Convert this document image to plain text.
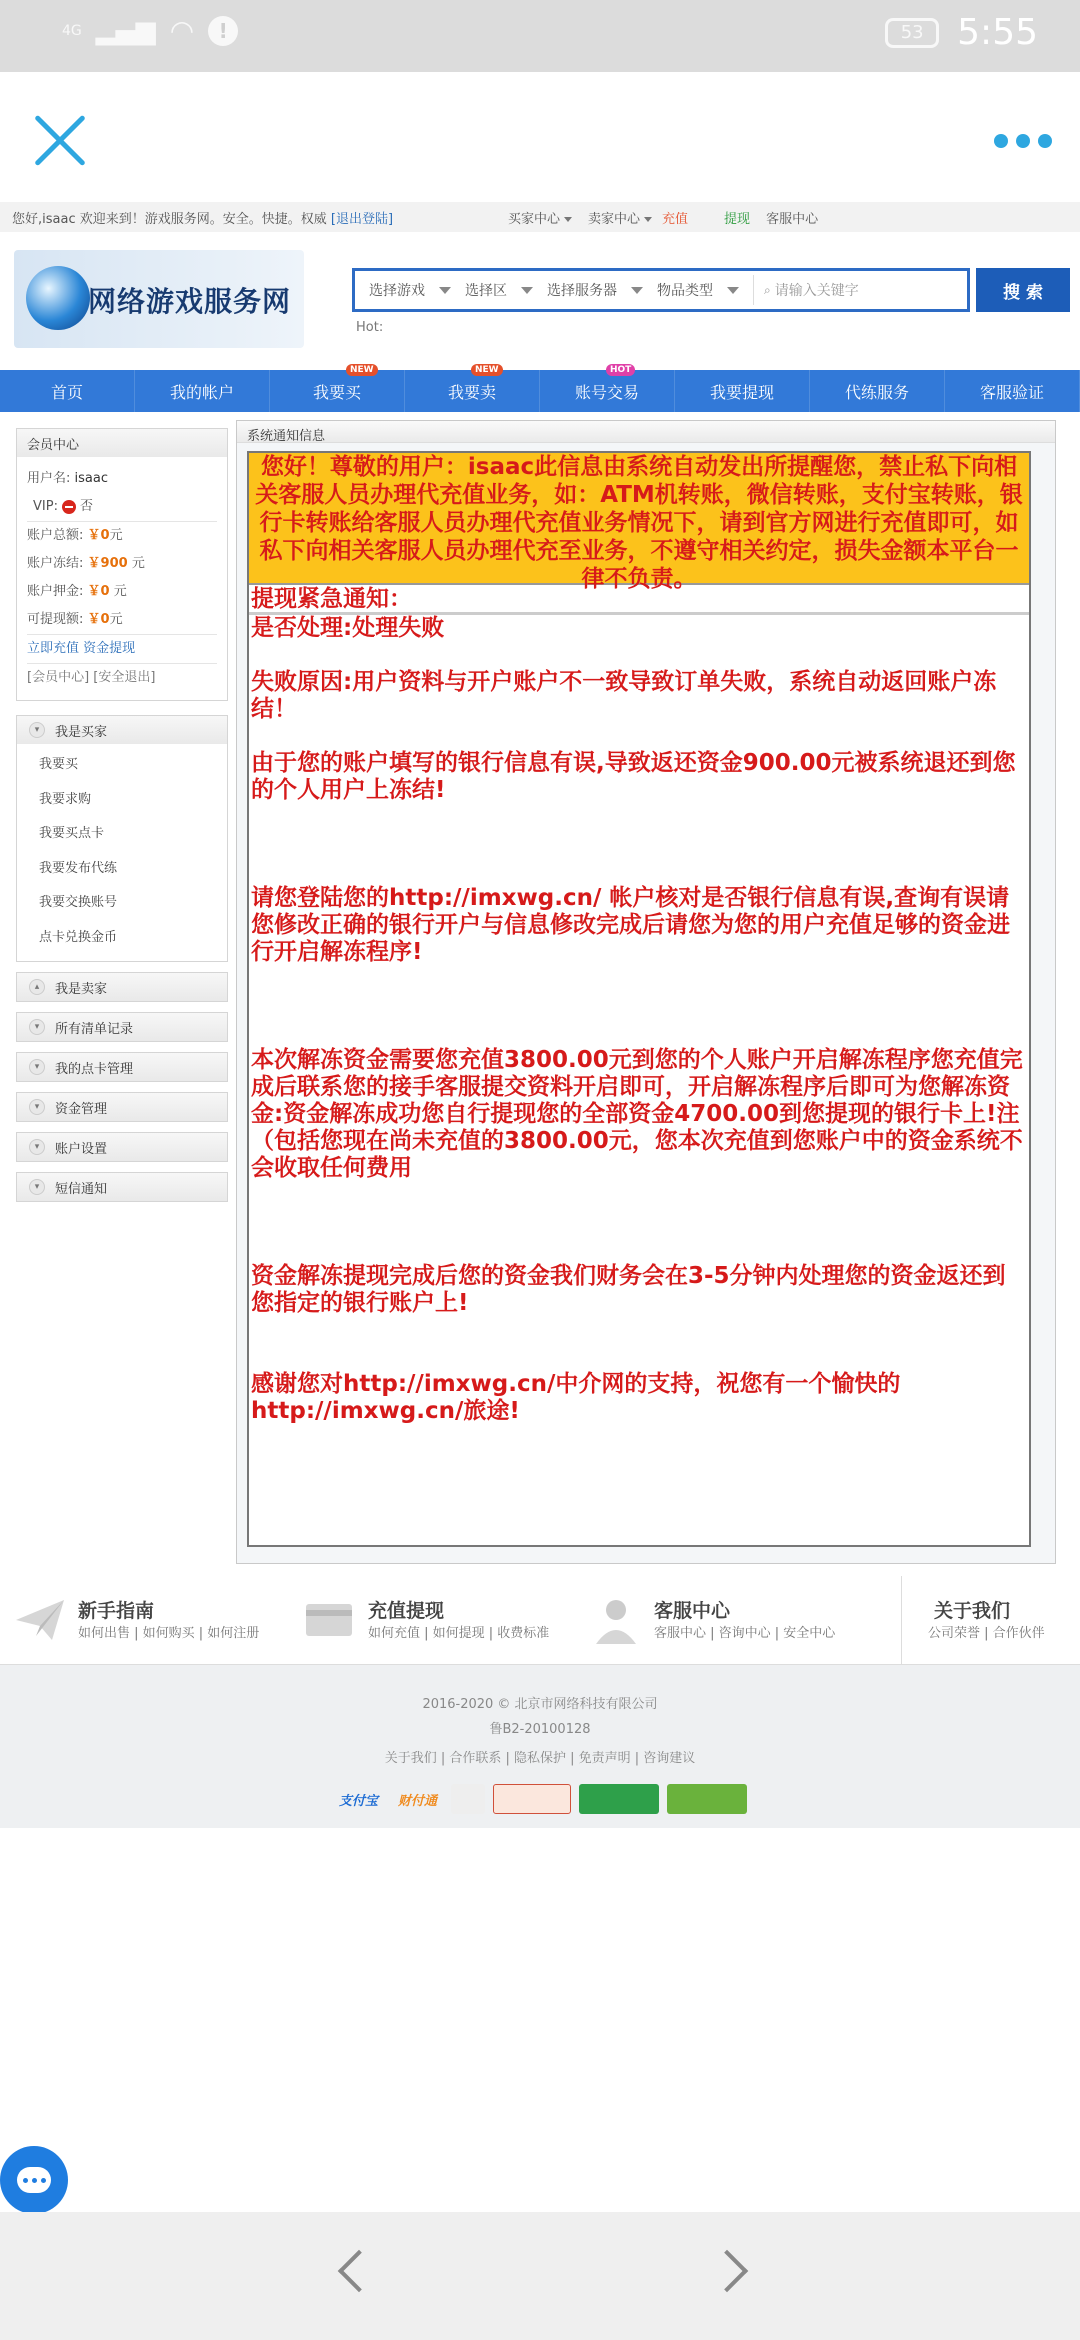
4G ▂▄▆ ◠	!	53 5:55
您好,isaac 欢迎来到！游戏服务网。安全。快捷。权威 [退出登陆]	买家中心	卖家中心	充值	提现 客服中心
网络游戏服务网	选择游戏	选择区	选择服务器	物品类型	⌕ 请输入关键字	搜 索
Hot:
首页	我的帐户	我要买
NEW
我要卖
NEW
账号交易
HOT
我要提现	代练服务	客服验证
会员中心
用户名: isaac
VIP: 否
账户总额: ￥0元
账户冻结: ￥900 元
账户押金: ￥0 元
可提现额: ￥0元
立即充值 资金提现
[会员中心] [安全退出]
▾	我是买家
我要买
我要求购
我要买点卡
我要发布代练
我要交换账号
点卡兑换金币
▴	我是卖家
▾	所有清单记录
▾	我的点卡管理
▾	资金管理
▾	账户设置
▾	短信通知
系统通知信息
您好！尊敬的用户：isaac此信息由系统自动发出所提醒您，禁止私下向相关客服人员办理代充值业务，如：ATM机转账，微信转账，支付宝转账，银行卡转账给客服人员办理代充值业务情况下，请到官方网进行充值即可，如私下向相关客服人员办理代充至业务，不遵守相关约定，损失金额本平台一律不负责。
提现紧急通知：
是否处理:处理失败
失败原因:用户资料与开户账户不一致导致订单失败，系统自动返回账户冻结！
由于您的账户填写的银行信息有误,导致返还资金900.00元被系统退还到您的个人用户上冻结!
请您登陆您的http://imxwg.cn/ 帐户核对是否银行信息有误,查询有误请您修改正确的银行开户与信息修改完成后请您为您的用户充值足够的资金进行开启解冻程序!
本次解冻资金需要您充值3800.00元到您的个人账户开启解冻程序您充值完成后联系您的接手客服提交资料开启即可，开启解冻程序后即可为您解冻资金:资金解冻成功您自行提现您的全部资金4700.00到您提现的银行卡上!注（包括您现在尚未充值的3800.00元，您本次充值到您账户中的资金系统不会收取任何费用
资金解冻提现完成后您的资金我们财务会在3-5分钟内处理您的资金返还到您指定的银行账户上!
感谢您对http://imxwg.cn/中介网的支持，祝您有一个愉快的http://imxwg.cn/旅途!
新手指南
如何出售 | 如何购买 | 如何注册
充值提现
如何充值 | 如何提现 | 收费标准
客服中心
客服中心 | 咨询中心 | 安全中心
关于我们
公司荣誉 | 合作伙伴
2016-2020 © 北京市网络科技有限公司
鲁B2-20100128
关于我们 | 合作联系 | 隐私保护 | 免责声明 | 咨询建议
支付宝	财付通
